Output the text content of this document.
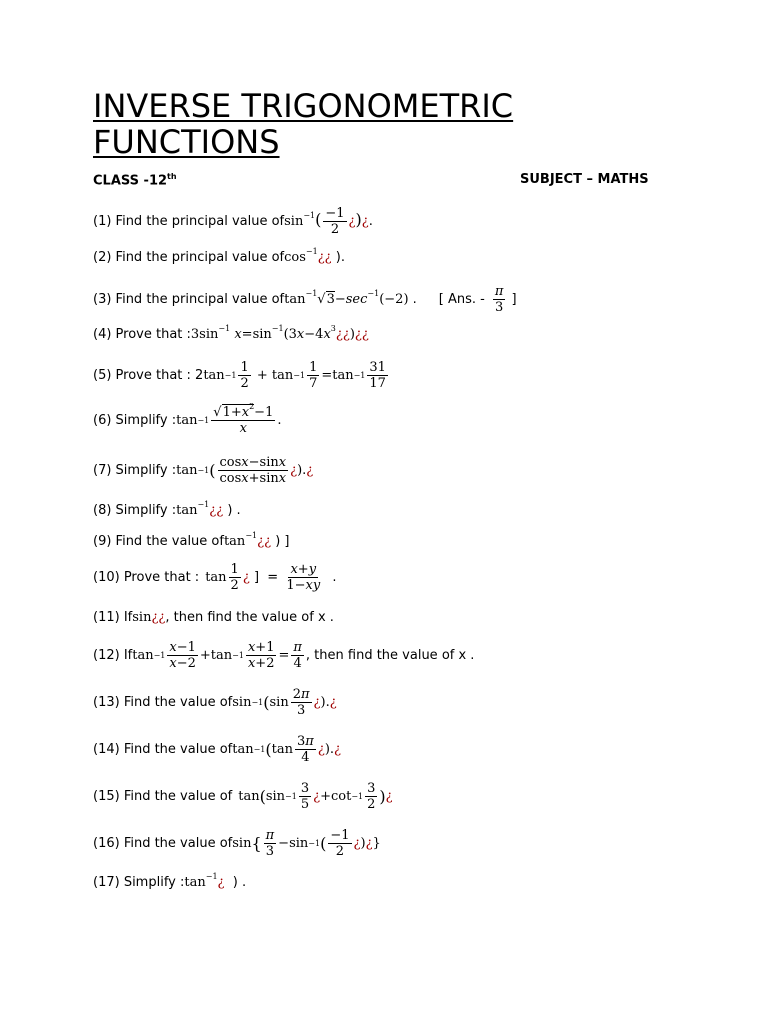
INVERSE TRIGONOMETRIC
FUNCTIONS
CLASS -12th	SUBJECT – MATHS
(1) Find the principal value of $\sin^{-1}( \frac{-1}{2}$ ¿)¿.
(2) Find the principal value of $\cos^{-1}¿¿$ ).
(3) Find the principal value of $\tan^{-1}√3-\sec^{-1}(-2)$ . [ Ans. - $\frac{\pi}{3}$ ]
(4) Prove that : $3\sin^{-1}$ $x=\sin^{-1}(3x-4x^3¿¿)¿¿$
(5) Prove that : 2 $\tan -1 \frac{1}{2} + \tan -1 \frac{1}{7} =\tan -1 \frac{31}{17}$
(6) Simplify : $\tan -1 \frac{√1+x^2-1}{x}$ .
(7) Simplify : tan −1 ( $\frac{\cos x-\sin x}{\cos x+\sin x}$ ¿ ). ¿
(8) Simplify : $\tan^{-1}¿¿$ ) .
(9) Find the value of $\tan^{-1}¿¿$ ) ]
(10) Prove that : $\tan \frac{1}{2}$ ¿ ]  = $\frac{x+y}{1-xy}$ .
(11) If sin¿¿ , then find the value of x .
(12) If $\tan -1 \frac{x-1}{x-2} +\tan -1 \frac{x+1}{x+2} = \frac{\pi}{4}$ , then find the value of x .
(13) Find the value of sin −1 ( $\sin \frac{2\pi}{3}$ ¿ ). ¿
(14) Find the value of tan −1 ( $\tan \frac{3\pi}{4}$ ¿ ). ¿
(15) Find the value of tan ( $\sin -1 \frac{3}{5}$ ¿ $+\cot -1 \frac{3}{2}$ ) ¿
(16) Find the value of sin { $\frac{\pi}{3} -\sin -1$ ( $\frac{-1}{2}$ ¿ ) ¿ }
(17) Simplify : $\tan^{-1}¿$ ) .
